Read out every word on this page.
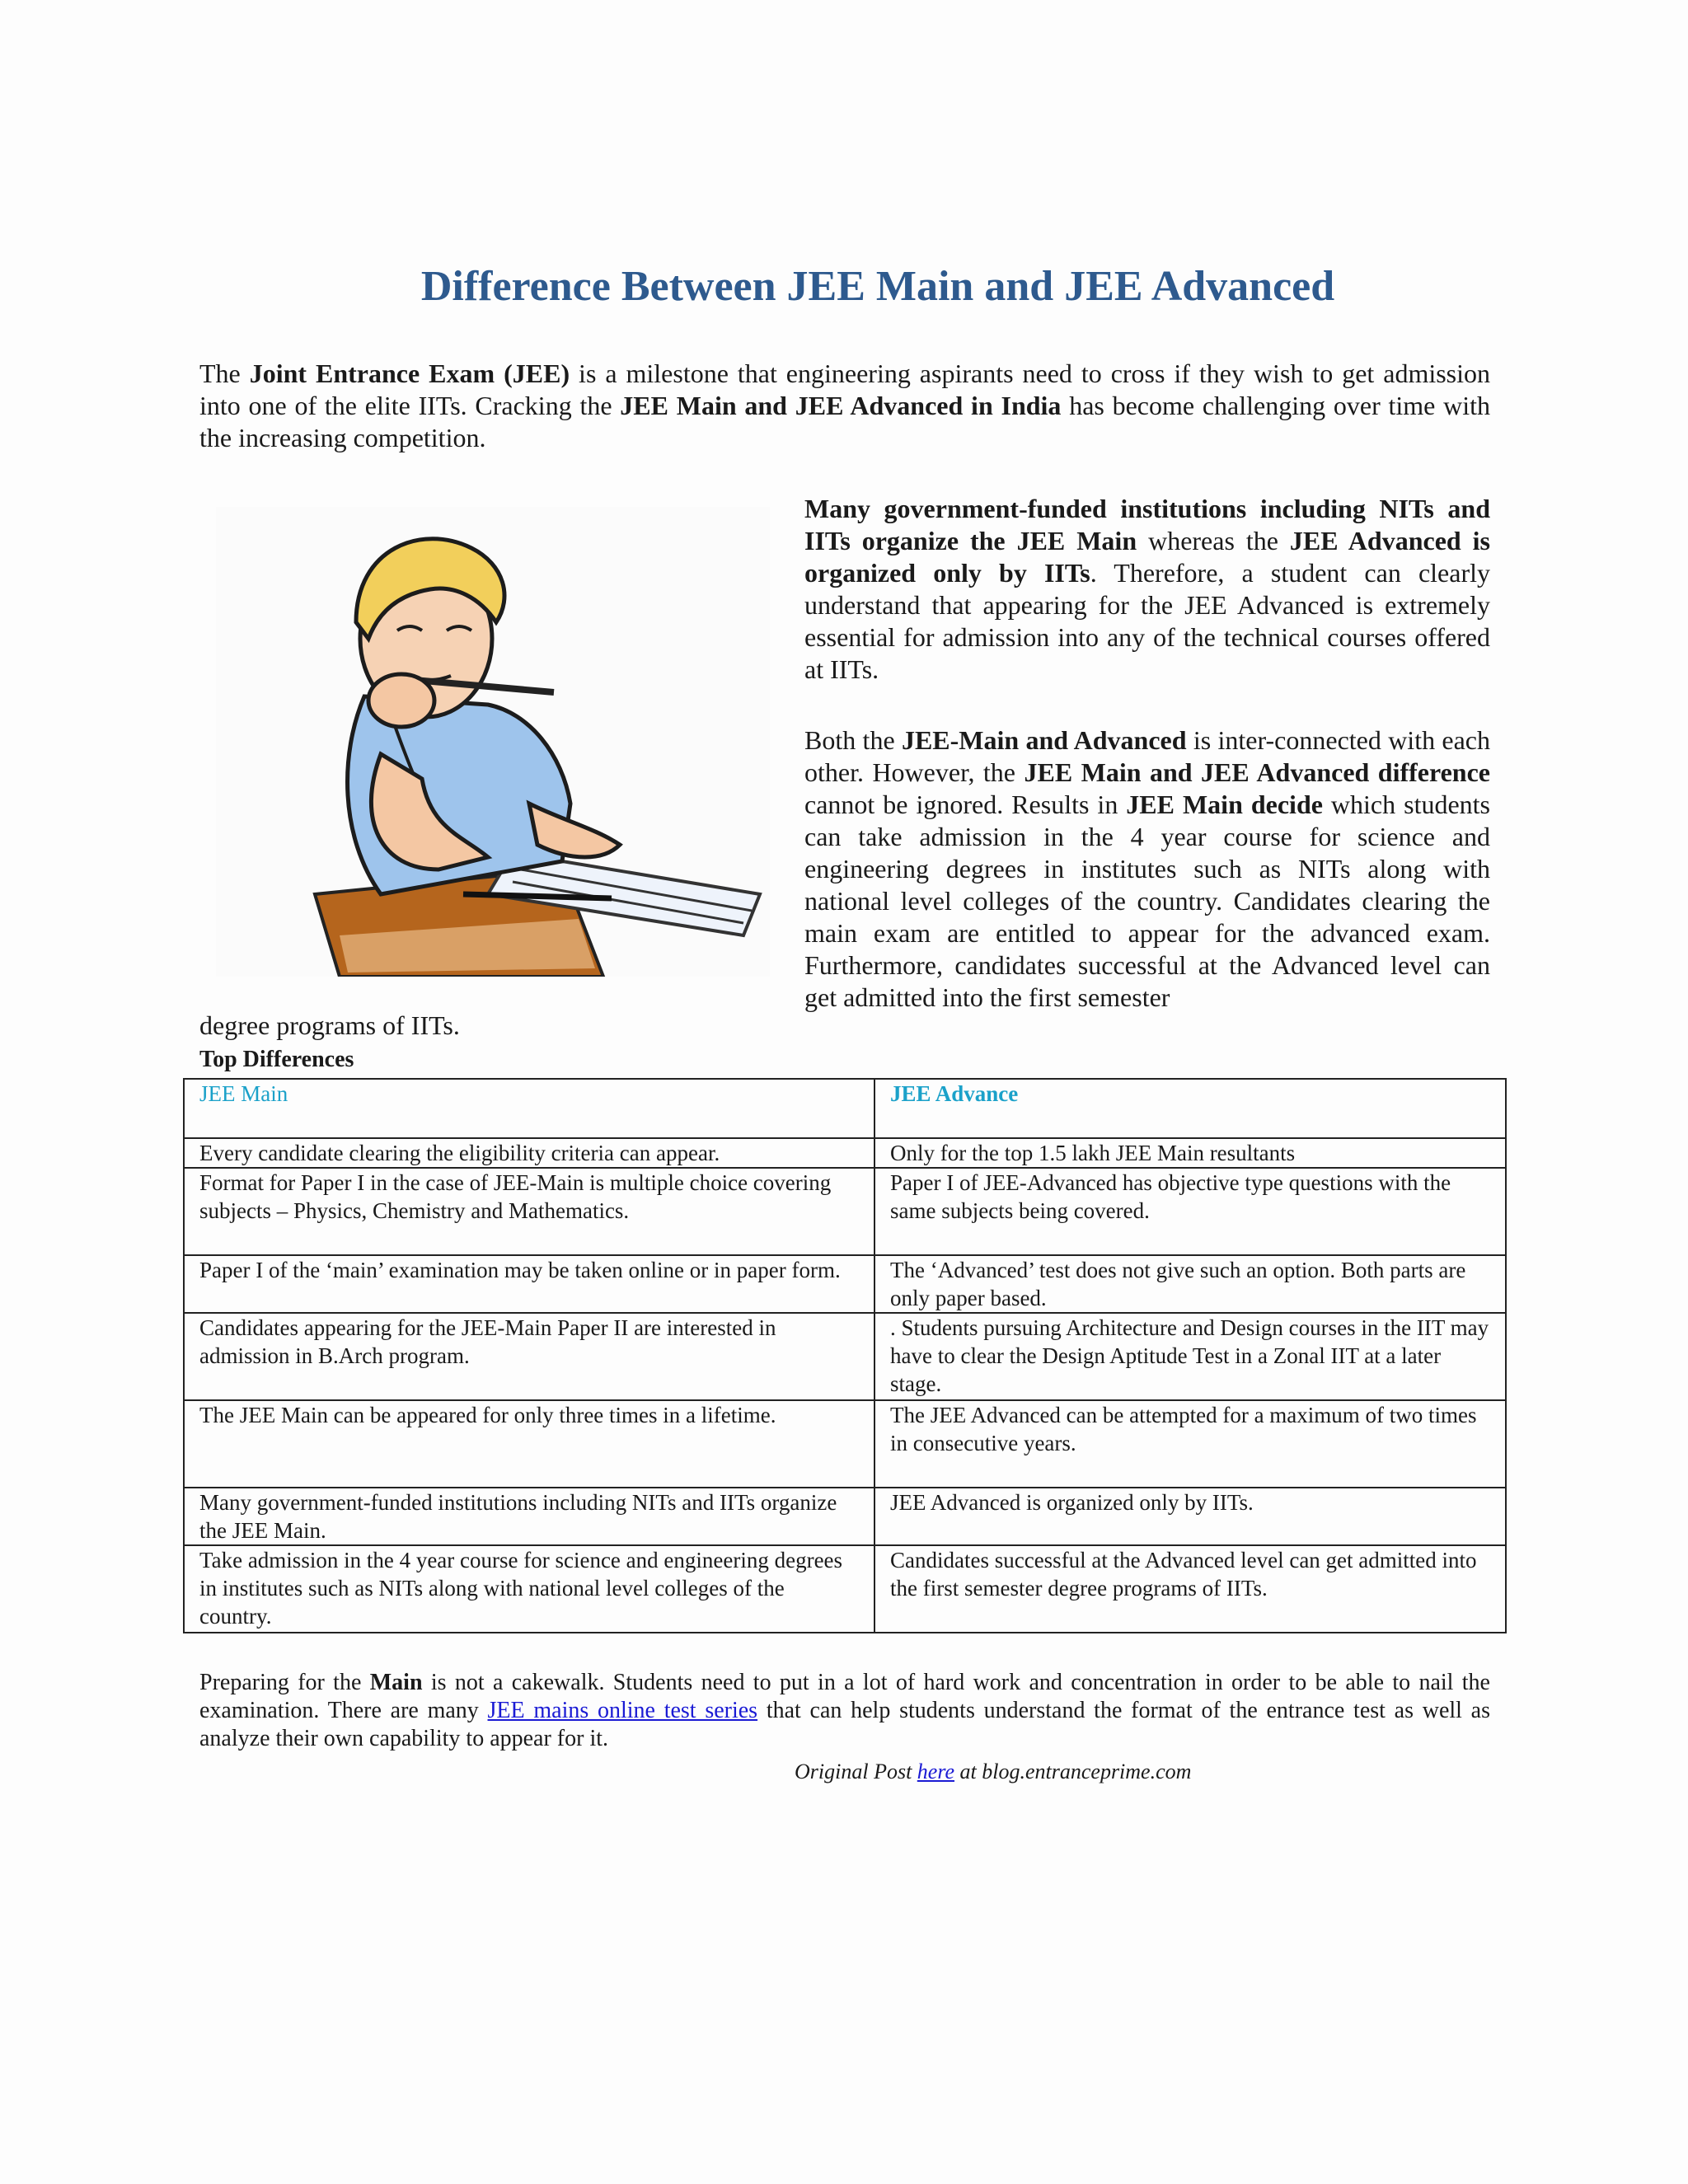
Difference Between JEE Main and JEE Advanced
The Joint Entrance Exam (JEE) is a milestone that engineering aspirants need to cross if they wish to get admission into one of the elite IITs. Cracking the JEE Main and JEE Advanced in India has become challenging over time with the increasing competition.
Many government-funded institutions including NITs and IITs organize the JEE Main whereas the JEE Advanced is organized only by IITs. Therefore, a student can clearly understand that appearing for the JEE Advanced is extremely essential for admission into any of the technical courses offered at IITs.
Both the JEE-Main and Advanced is inter-connected with each other. However, the JEE Main and JEE Advanced difference cannot be ignored. Results in JEE Main decide which students can take admission in the 4 year course for science and engineering degrees in institutes such as NITs along with national level colleges of the country. Candidates clearing the main exam are entitled to appear for the advanced exam. Furthermore, candidates successful at the Advanced level can get admitted into the first semester
degree programs of IITs.
Top Differences
JEE Main	JEE Advance
Every candidate clearing the eligibility criteria can appear.	Only for the top 1.5 lakh JEE Main resultants
Format for Paper I in the case of JEE-Main is multiple choice covering subjects – Physics, Chemistry and Mathematics.	Paper I of JEE-Advanced has objective type questions with the same subjects being covered.
Paper I of the ‘main’ examination may be taken online or in paper form.	The ‘Advanced’ test does not give such an option. Both parts are only paper based.
Candidates appearing for the JEE-Main Paper II are interested in admission in B.Arch program.	. Students pursuing Architecture and Design courses in the IIT may have to clear the Design Aptitude Test in a Zonal IIT at a later stage.
The JEE Main can be appeared for only three times in a lifetime.	The JEE Advanced can be attempted for a maximum of two times in consecutive years.
Many government-funded institutions including NITs and IITs organize the JEE Main.	JEE Advanced is organized only by IITs.
Take admission in the 4 year course for science and engineering degrees in institutes such as NITs along with national level colleges of the country.	Candidates successful at the Advanced level can get admitted into the first semester degree programs of IITs.
Preparing for the Main is not a cakewalk. Students need to put in a lot of hard work and concentration in order to be able to nail the examination. There are many JEE mains online test series that can help students understand the format of the entrance test as well as analyze their own capability to appear for it.
Original Post here at blog.entranceprime.com
